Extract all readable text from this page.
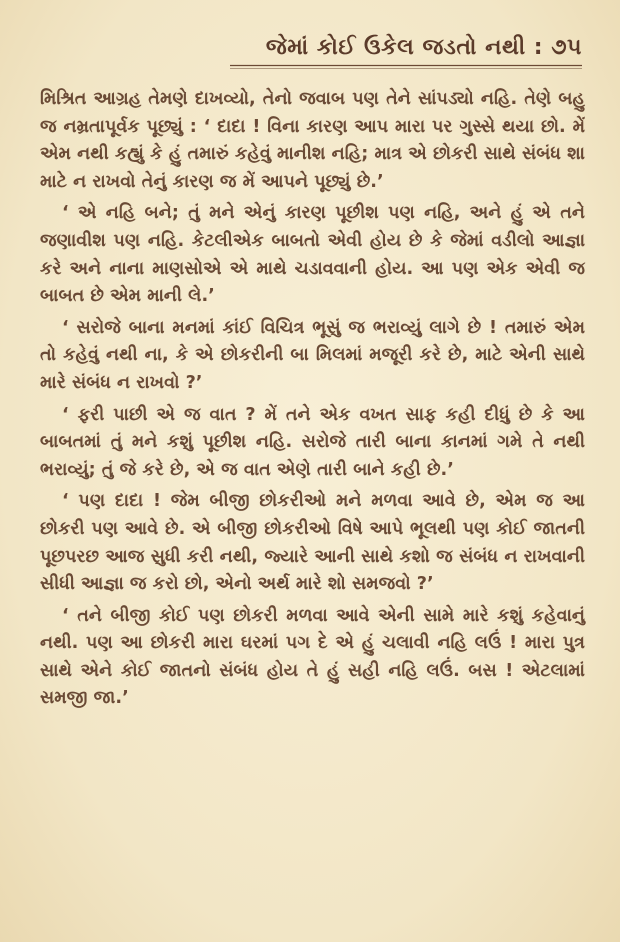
જેમાં કોઈ ઉકેલ જડતો નથી : ૭૫

મિશ્રિત આગ્રહ તેમણે દાખવ્યો, તેનો જવાબ પણ તેને સાંપડ્યો નહિ. તેણે બહુ જ નમ્રતાપૂર્વક પૂછ્યું : ‘ દાદા ! વિના કારણ આપ મારા પર ગુસ્સે થયા છો. મેં એમ નથી કહ્યું કે હું તમારું કહેવું માનીશ નહિ; માત્ર એ છોકરી સાથે સંબંધ શા માટે ન રાખવો તેનું કારણ જ મેં આપને પૂછ્યું છે.’

‘ એ નહિ બને; તું મને એનું કારણ પૂછીશ પણ નહિ, અને હું એ તને જણાવીશ પણ નહિ. કેટલીએક બાબતો એવી હોય છે કે જેમાં વડીલો આજ્ઞા કરે અને નાના માણસોએ એ માથે ચડાવવાની હોય. આ પણ એક એવી જ બાબત છે એમ માની લે.’

‘ સરોજે બાના મનમાં કાંઈ વિચિત્ર ભૂસું જ ભરાવ્યું લાગે છે ! તમારું એમ તો કહેવું નથી ના, કે એ છોકરીની બા મિલમાં મજૂરી કરે છે, માટે એની સાથે મારે સંબંધ ન રાખવો ?’

‘ ફરી પાછી એ જ વાત ? મેં તને એક વખત સાફ કહી દીધું છે કે આ બાબતમાં તું મને કશું પૂછીશ નહિ. સરોજે તારી બાના કાનમાં ગમે તે નથી ભરાવ્યું; તું જે કરે છે, એ જ વાત એણે તારી બાને કહી છે.’

‘ પણ દાદા ! જેમ બીજી છોકરીઓ મને મળવા આવે છે, એમ જ આ છોકરી પણ આવે છે. એ બીજી છોકરીઓ વિષે આપે ભૂલથી પણ કોઈ જાતની પૂછપરછ આજ સુધી કરી નથી, જ્યારે આની સાથે કશો જ સંબંધ ન રાખવાની સીધી આજ્ઞા જ કરો છો, એનો અર્થ મારે શો સમજવો ?’

‘ તને બીજી કોઈ પણ છોકરી મળવા આવે એની સામે મારે કશું કહેવાનું નથી. પણ આ છોકરી મારા ઘરમાં પગ દે એ હું ચલાવી નહિ લઉં ! મારા પુત્ર સાથે એને કોઈ જાતનો સંબંધ હોય તે હું સહી નહિ લઉં. બસ ! એટલામાં સમજી જા.’
